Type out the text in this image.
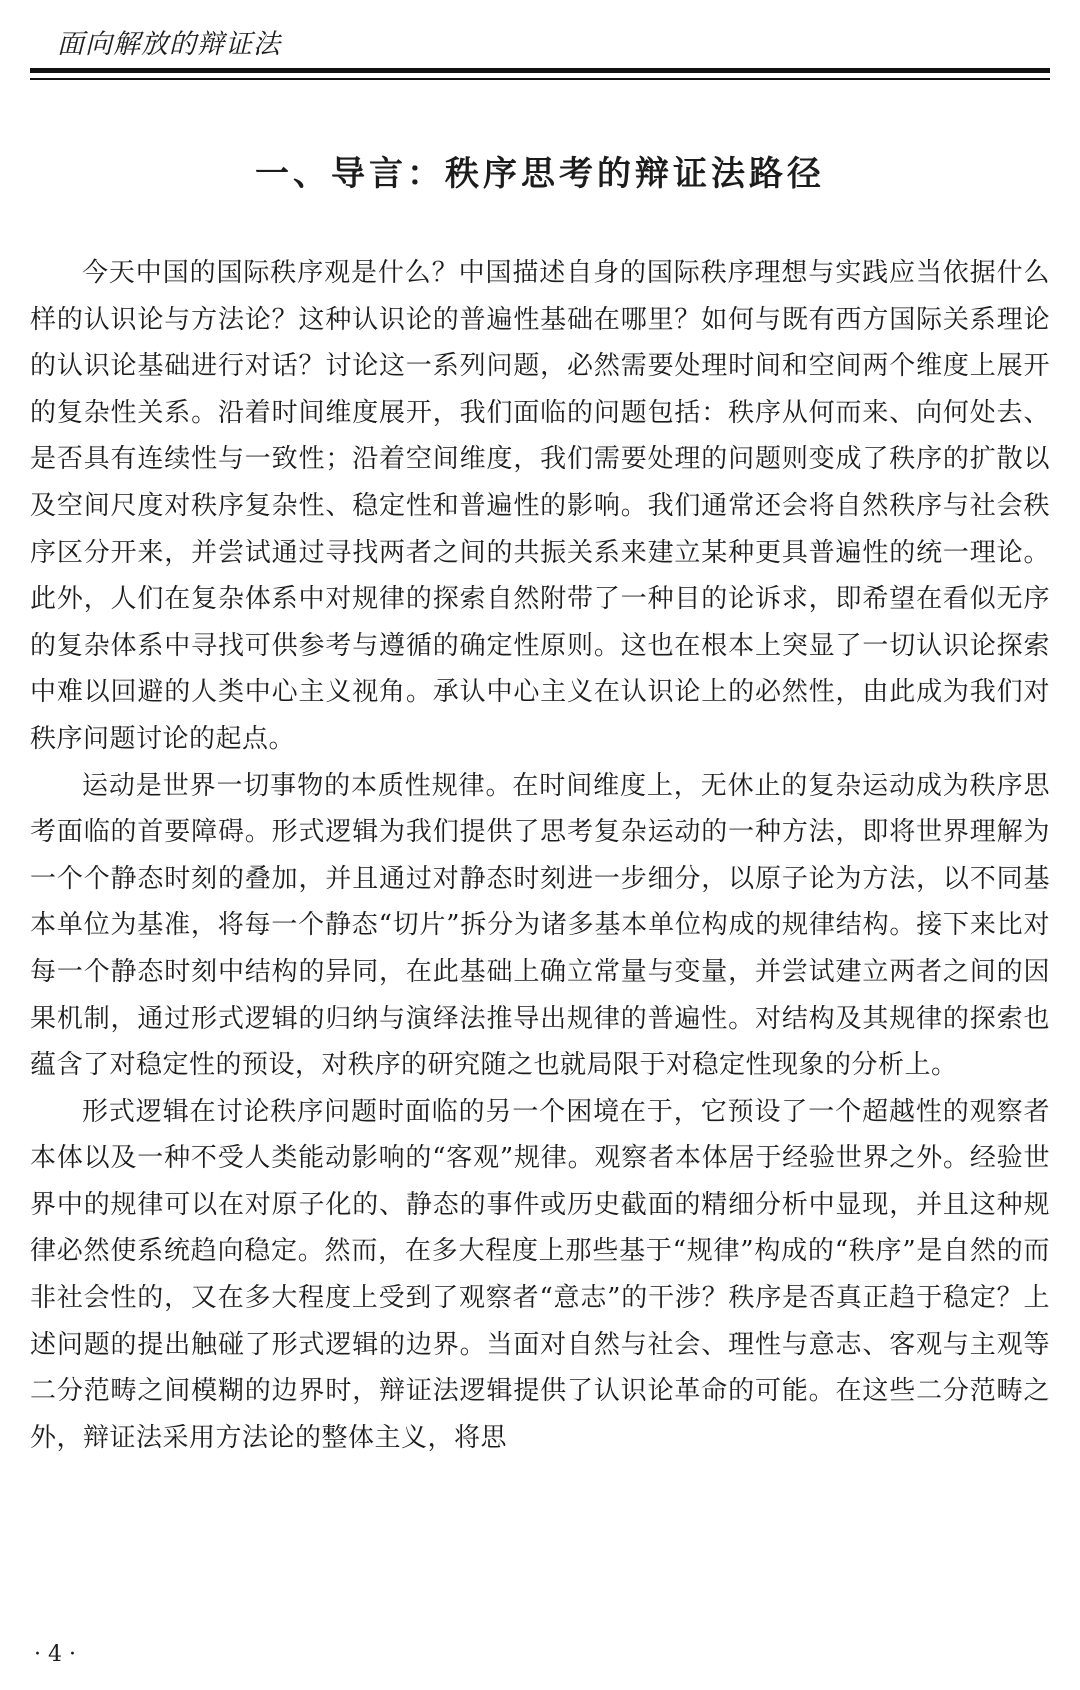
面向解放的辩证法
一、导言：秩序思考的辩证法路径

今天中国的国际秩序观是什么？中国描述自身的国际秩序理想与实践应当依据什么样的认识论与方法论？这种认识论的普遍性基础在哪里？如何与既有西方国际关系理论的认识论基础进行对话？讨论这一系列问题，必然需要处理时间和空间两个维度上展开的复杂性关系。沿着时间维度展开，我们面临的问题包括：秩序从何而来、向何处去、是否具有连续性与一致性；沿着空间维度，我们需要处理的问题则变成了秩序的扩散以及空间尺度对秩序复杂性、稳定性和普遍性的影响。我们通常还会将自然秩序与社会秩序区分开来，并尝试通过寻找两者之间的共振关系来建立某种更具普遍性的统一理论。此外，人们在复杂体系中对规律的探索自然附带了一种目的论诉求，即希望在看似无序的复杂体系中寻找可供参考与遵循的确定性原则。这也在根本上突显了一切认识论探索中难以回避的人类中心主义视角。承认中心主义在认识论上的必然性，由此成为我们对秩序问题讨论的起点。

运动是世界一切事物的本质性规律。在时间维度上，无休止的复杂运动成为秩序思考面临的首要障碍。形式逻辑为我们提供了思考复杂运动的一种方法，即将世界理解为一个个静态时刻的叠加，并且通过对静态时刻进一步细分，以原子论为方法，以不同基本单位为基准，将每一个静态“切片”拆分为诸多基本单位构成的规律结构。接下来比对每一个静态时刻中结构的异同，在此基础上确立常量与变量，并尝试建立两者之间的因果机制，通过形式逻辑的归纳与演绎法推导出规律的普遍性。对结构及其规律的探索也蕴含了对稳定性的预设，对秩序的研究随之也就局限于对稳定性现象的分析上。

形式逻辑在讨论秩序问题时面临的另一个困境在于，它预设了一个超越性的观察者本体以及一种不受人类能动影响的“客观”规律。观察者本体居于经验世界之外。经验世界中的规律可以在对原子化的、静态的事件或历史截面的精细分析中显现，并且这种规律必然使系统趋向稳定。然而，在多大程度上那些基于“规律”构成的“秩序”是自然的而非社会性的，又在多大程度上受到了观察者“意志”的干涉？秩序是否真正趋于稳定？上述问题的提出触碰了形式逻辑的边界。当面对自然与社会、理性与意志、客观与主观等二分范畴之间模糊的边界时，辩证法逻辑提供了认识论革命的可能。在这些二分范畴之外，辩证法采用方法论的整体主义，将思

· 4 ·
